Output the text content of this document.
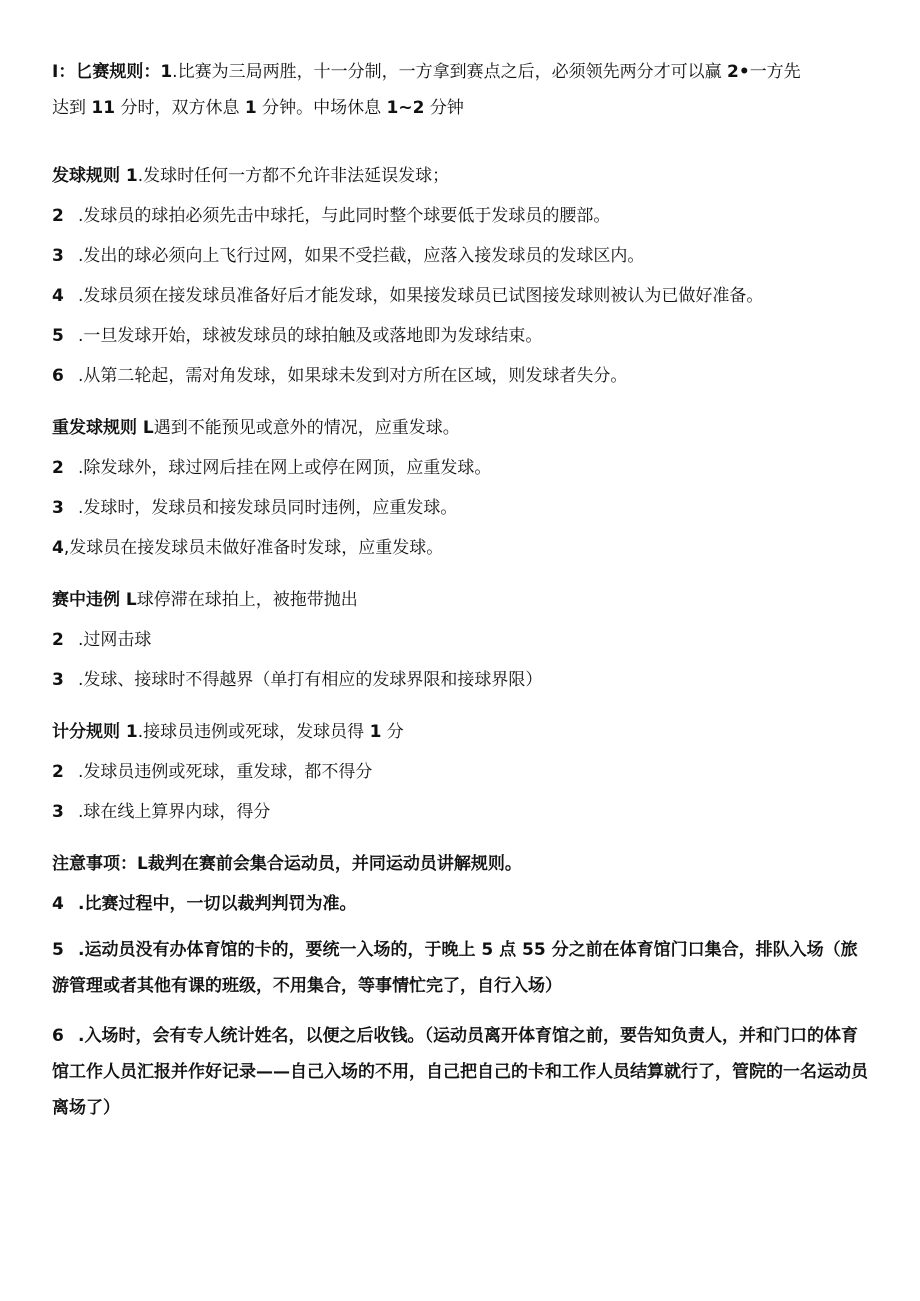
I：匕赛规则：1.比赛为三局两胜，十一分制，一方拿到赛点之后，必须领先两分才可以赢 2•一方先
达到 11 分时，双方休息 1 分钟。中场休息 1~2 分钟
发球规则 1.发球时任何一方都不允许非法延误发球；
2 .发球员的球拍必须先击中球托，与此同时整个球要低于发球员的腰部。
3 .发出的球必须向上飞行过网，如果不受拦截，应落入接发球员的发球区内。
4 .发球员须在接发球员准备好后才能发球，如果接发球员已试图接发球则被认为已做好准备。
5 .一旦发球开始，球被发球员的球拍触及或落地即为发球结束。
6 .从第二轮起，需对角发球，如果球未发到对方所在区域，则发球者失分。
重发球规则 L遇到不能预见或意外的情况，应重发球。
2 .除发球外，球过网后挂在网上或停在网顶，应重发球。
3 .发球时，发球员和接发球员同时违例，应重发球。
4,发球员在接发球员未做好准备时发球，应重发球。
赛中违例 L球停滞在球拍上，被拖带抛出
2 .过网击球
3 .发球、接球时不得越界（单打有相应的发球界限和接球界限）
计分规则 1.接球员违例或死球，发球员得 1 分
2 .发球员违例或死球，重发球，都不得分
3 .球在线上算界内球，得分
注意事项：L裁判在赛前会集合运动员，并同运动员讲解规则。
4 .比赛过程中，一切以裁判判罚为准。
5 .运动员没有办体育馆的卡的，要统一入场的，于晚上 5 点 55 分之前在体育馆门口集合，排队入场（旅游管理或者其他有课的班级，不用集合，等事情忙完了，自行入场）
6 .入场时，会有专人统计姓名，以便之后收钱。（运动员离开体育馆之前，要告知负责人，并和门口的体育馆工作人员汇报并作好记录——自己入场的不用，自己把自己的卡和工作人员结算就行了，管院的一名运动员离场了）
